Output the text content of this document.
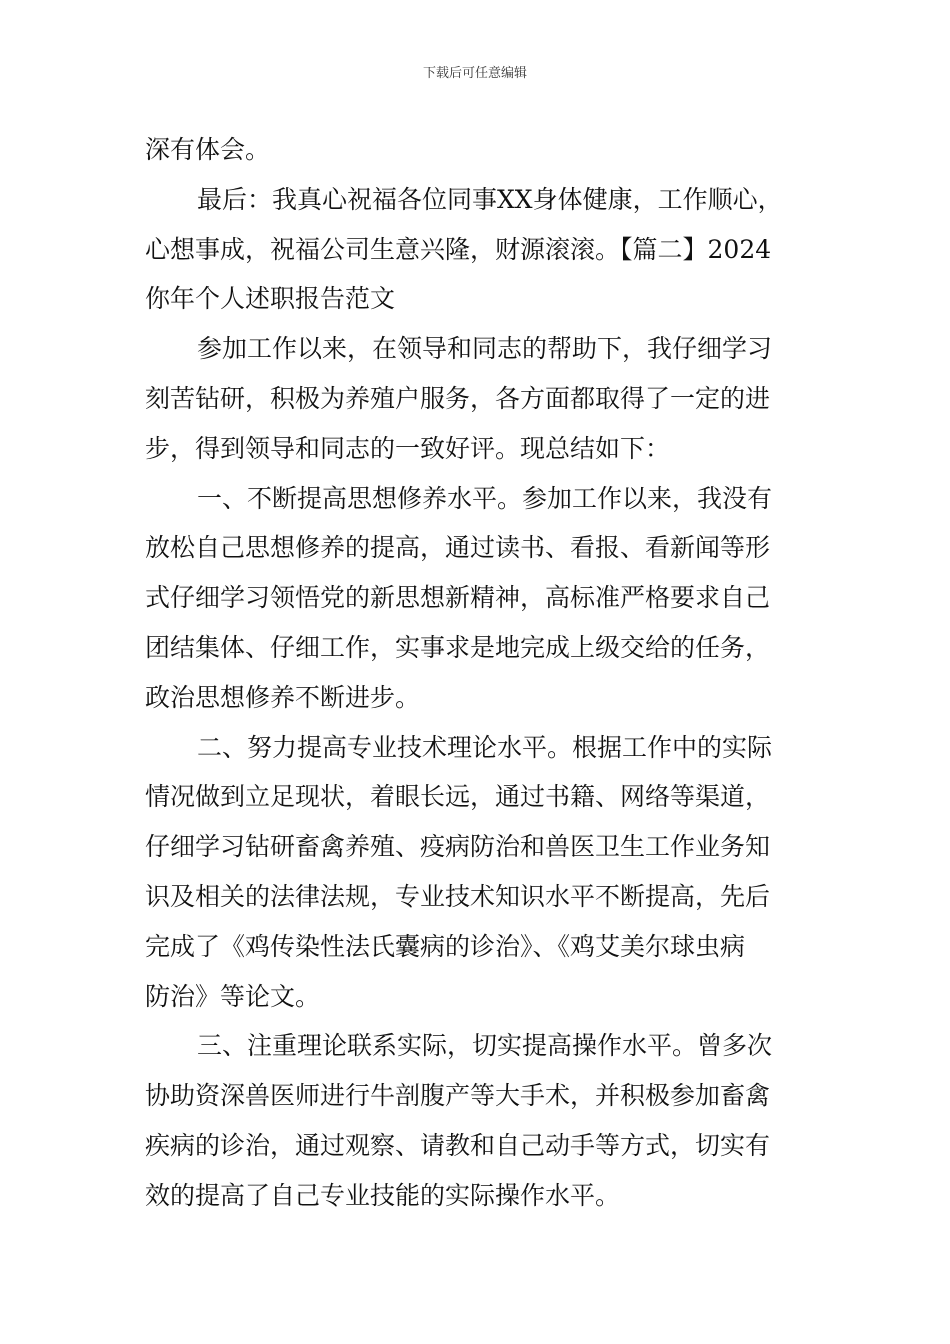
下载后可任意编辑

深有体会。

最后：我真心祝福各位同事XX身体健康，工作顺心，
心想事成，祝福公司生意兴隆，财源滚滚。【篇二】2024
你年个人述职报告范文

参加工作以来，在领导和同志的帮助下，我仔细学习
刻苦钻研，积极为养殖户服务，各方面都取得了一定的进
步，得到领导和同志的一致好评。现总结如下：

一、不断提高思想修养水平。参加工作以来，我没有
放松自己思想修养的提高，通过读书、看报、看新闻等形
式仔细学习领悟党的新思想新精神，高标准严格要求自己
团结集体、仔细工作，实事求是地完成上级交给的任务，
政治思想修养不断进步。

二、努力提高专业技术理论水平。根据工作中的实际
情况做到立足现状，着眼长远，通过书籍、网络等渠道，
仔细学习钻研畜禽养殖、疫病防治和兽医卫生工作业务知
识及相关的法律法规，专业技术知识水平不断提高，先后
完成了《鸡传染性法氏囊病的诊治》、《鸡艾美尔球虫病
防治》等论文。

三、注重理论联系实际，切实提高操作水平。曾多次
协助资深兽医师进行牛剖腹产等大手术，并积极参加畜禽
疾病的诊治，通过观察、请教和自己动手等方式，切实有
效的提高了自己专业技能的实际操作水平。
